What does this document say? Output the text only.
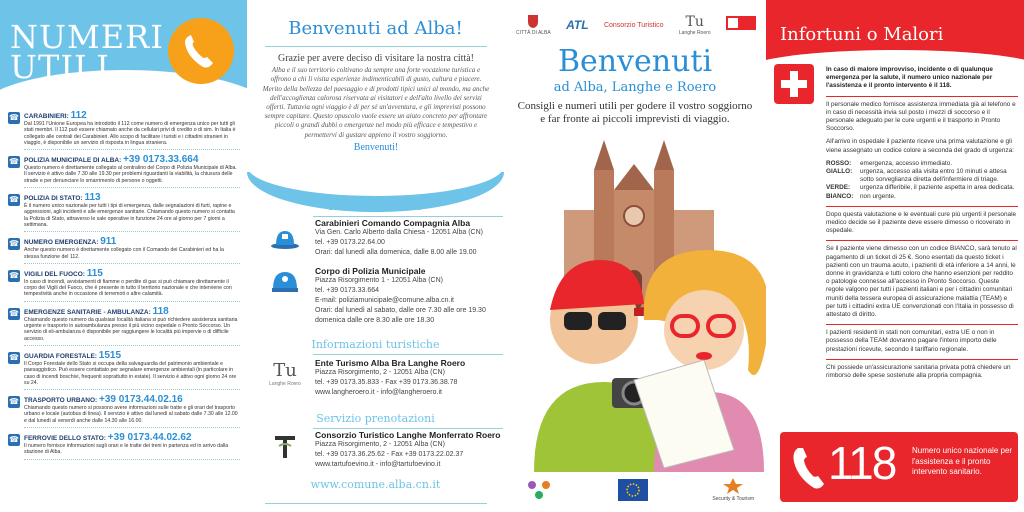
NUMERI
UTILI
☎ CARABINIERI: 112
Dal 1991 l'Unione Europea ha introdotto il 112 come numero di emergenza unico per tutti gli stati membri. Il 112 può essere chiamato anche da cellulari privi di credito o di sim. In Italia è collegato alle centrali dei Carabinieri. Allo scopo di facilitare i turisti e i cittadini stranieri in viaggio, è disponibile un servizio di risposta in lingua straniera.
☎ POLIZIA MUNICIPALE DI ALBA: +39 0173.33.664
Questo numero è direttamente collegato al centralino del Corpo di Polizia Municipale di Alba. Il servizio è attivo dalle 7.30 alle 19.30 per problemi riguardanti la viabilità, la chiusura delle strade e per denunciare lo smarrimento di persone o oggetti.
☎ POLIZIA DI STATO: 113
È il numero unico nazionale per tutti i tipi di emergenza, dalle segnalazioni di furti, rapine e aggressioni, agli incidenti e alle emergenze sanitarie. Chiamando questo numero si contatta la Polizia di Stato, attraverso le sale operative in funzione 24 ore al giorno per 7 giorni a settimana.
☎ NUMERO EMERGENZA: 911
Anche questo numero è direttamente collegato con il Comando dei Carabinieri ed ha la stessa funzione del 112.
☎ VIGILI DEL FUOCO: 115
In caso di incendi, avvistamenti di fiamme o perdite di gas si può chiamare direttamente il corpo dei Vigili del Fuoco, che è presente in tutto il territorio nazionale e che interviene con tempestività anche in occasione di terremoti o altre calamità.
☎ EMERGENZE SANITARIE - AMBULANZA: 118
Chiamando questo numero da qualsiasi località italiana si può richiedere assistenza sanitaria urgente e trasporto in autoambulanza presso il più vicino ospedale o Pronto Soccorso. Un servizio di eli-ambulanza è disponibile per raggiungere le località più impervie o di difficile accesso.
☎ GUARDIA FORESTALE: 1515
Il Corpo Forestale dello Stato si occupa della salvaguardia del patrimonio ambientale e paesaggistico. Può essere contattato per segnalare emergenze ambientali (in particolare in caso di incendi boschivi, frequenti soprattutto in estate). Il servizio è attivo ogni giorno 24 ore su 24.
☎ TRASPORTO URBANO: +39 0173.44.02.16
Chiamando questo numero si possono avere informazioni sulle tratte e gli orari del trasporto urbano e locale (autobus di linea). Il servizio è attivo dal lunedì al sabato dalle 7.30 alle 12.00 e dal lunedì al venerdì anche dalle 14.30 alle 16.00.
☎ FERROVIE DELLO STATO: +39 0173.44.02.62
Il numero fornisce informazioni sugli orari e le tratte dei treni in partenza ed in arrivo dalla stazione di Alba.
Benvenuti ad Alba!
Grazie per avere deciso di visitare la nostra città!
Alba e il suo territorio coltivano da sempre una forte vocazione turistica e offrono a chi li visita esperienze indimenticabili di gusto, cultura e piacere. Merito della bellezza del paesaggio e di prodotti tipici unici al mondo, ma anche dell'accoglienza calorosa riservata ai visitatori e dell'alto livello dei servizi offerti. Tuttavia ogni viaggio è di per sé un'avventura, e gli imprevisti possono sempre capitare. Questo opuscolo vuole essere un aiuto concreto per affrontare piccoli o grandi dubbi o emergenze nel modo più efficace e tempestivo e permettervi di gustare appieno il vostro soggiorno.
Benvenuti!
Forze dell'ordine
Carabinieri Comando Compagnia Alba
Via Gen. Carlo Alberto dalla Chiesa - 12051 Alba (CN)
tel. +39 0173.22.64.00
Orari: dal lunedì alla domenica, dalle 8.00 alle 19.00
Corpo di Polizia Municipale
Piazza Risorgimento 1 - 12051 Alba (CN)
tel. +39 0173.33.664
E-mail: poliziamunicipale@comune.alba.cn.it
Orari: dal lunedì al sabato, dalle ore 7.30 alle ore 19.30
domenica dalle ore 8.30 alle ore 18.30
Informazioni turistiche
Tu
Langhe Roero
Ente Turismo Alba Bra Langhe Roero
Piazza Risorgimento, 2 - 12051 Alba (CN)
tel. +39 0173.35.833 - Fax +39 0173.36.38.78
www.langheroero.it - info@langheroero.it
Servizio prenotazioni
Consorzio Turistico Langhe Monferrato Roero
Piazza Risorgimento, 2 - 12051 Alba (CN)
tel. +39 0173.36.25.62 - Fax +39 0173.22.02.37
www.tartufoevino.it - info@tartufoevino.it
www.comune.alba.cn.it
CITTÀ DI ALBA
ATL Consorzio Turistico	Tu
Langhe Roero
Benvenuti
ad Alba, Langhe e Roero
Consigli e numeri utili per godere il vostro soggiorno e far fronte ai piccoli imprevisti di viaggio.
Security & Tourism
Infortuni o Malori

In caso di malore improvviso, incidente o di qualunque emergenza per la salute, il numero unico nazionale per l'assistenza e il pronto intervento è il 118.

Il personale medico fornisce assistenza immediata già al telefono e in caso di necessità invia sul posto i mezzi di soccorso e il personale adeguato per le cure urgenti e il trasporto in Pronto Soccorso.

All'arrivo in ospedale il paziente riceve una prima valutazione e gli viene assegnato un codice colore a seconda del grado di urgenza:

ROSSO:	emergenza, accesso immediato.
GIALLO:	urgenza, accesso alla visita entro 10 minuti e attesa sotto sorveglianza diretta dell'infermiere di triage.
VERDE:	urgenza differibile, il paziente aspetta in area dedicata.
BIANCO:	non urgente.

Dopo questa valutazione e le eventuali cure più urgenti il personale medico decide se il paziente deve essere dimesso o ricoverato in ospedale.

Se il paziente viene dimesso con un codice BIANCO, sarà tenuto al pagamento di un ticket di 25 €. Sono esentati da questo ticket i pazienti con un trauma acuto, i pazienti di età inferiore a 14 anni, le donne in gravidanza e tutti coloro che hanno esenzioni per reddito o patologie connesse all'accesso in Pronto Soccorso. Queste regole valgono per tutti i pazienti italiani e per i cittadini comunitari muniti della tessera europea di assicurazione malattia (TEAM) e per tutti i cittadini extra UE convenzionati con l'Italia in possesso di attestato di diritto.

I pazienti residenti in stati non comunitari, extra UE o non in possesso della TEAM dovranno pagare l'intero importo delle prestazioni ricevute, secondo il tariffario regionale.

Chi possiede un'assicurazione sanitaria privata potrà chiedere un rimborso delle spese sostenute alla propria compagnia.

118 Numero unico nazionale per l'assistenza e il pronto intervento sanitario.
